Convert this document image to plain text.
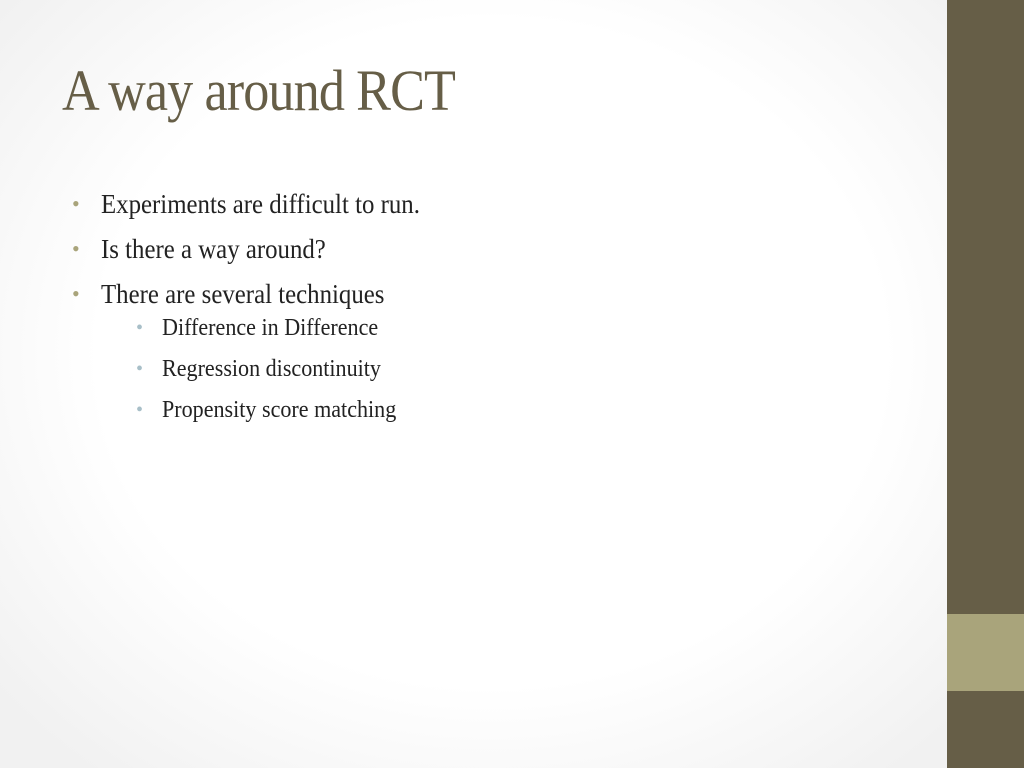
A way around RCT
• Experiments are difficult to run.
• Is there a way around?
• There are several techniques
• Difference in Difference
• Regression discontinuity
• Propensity score matching
